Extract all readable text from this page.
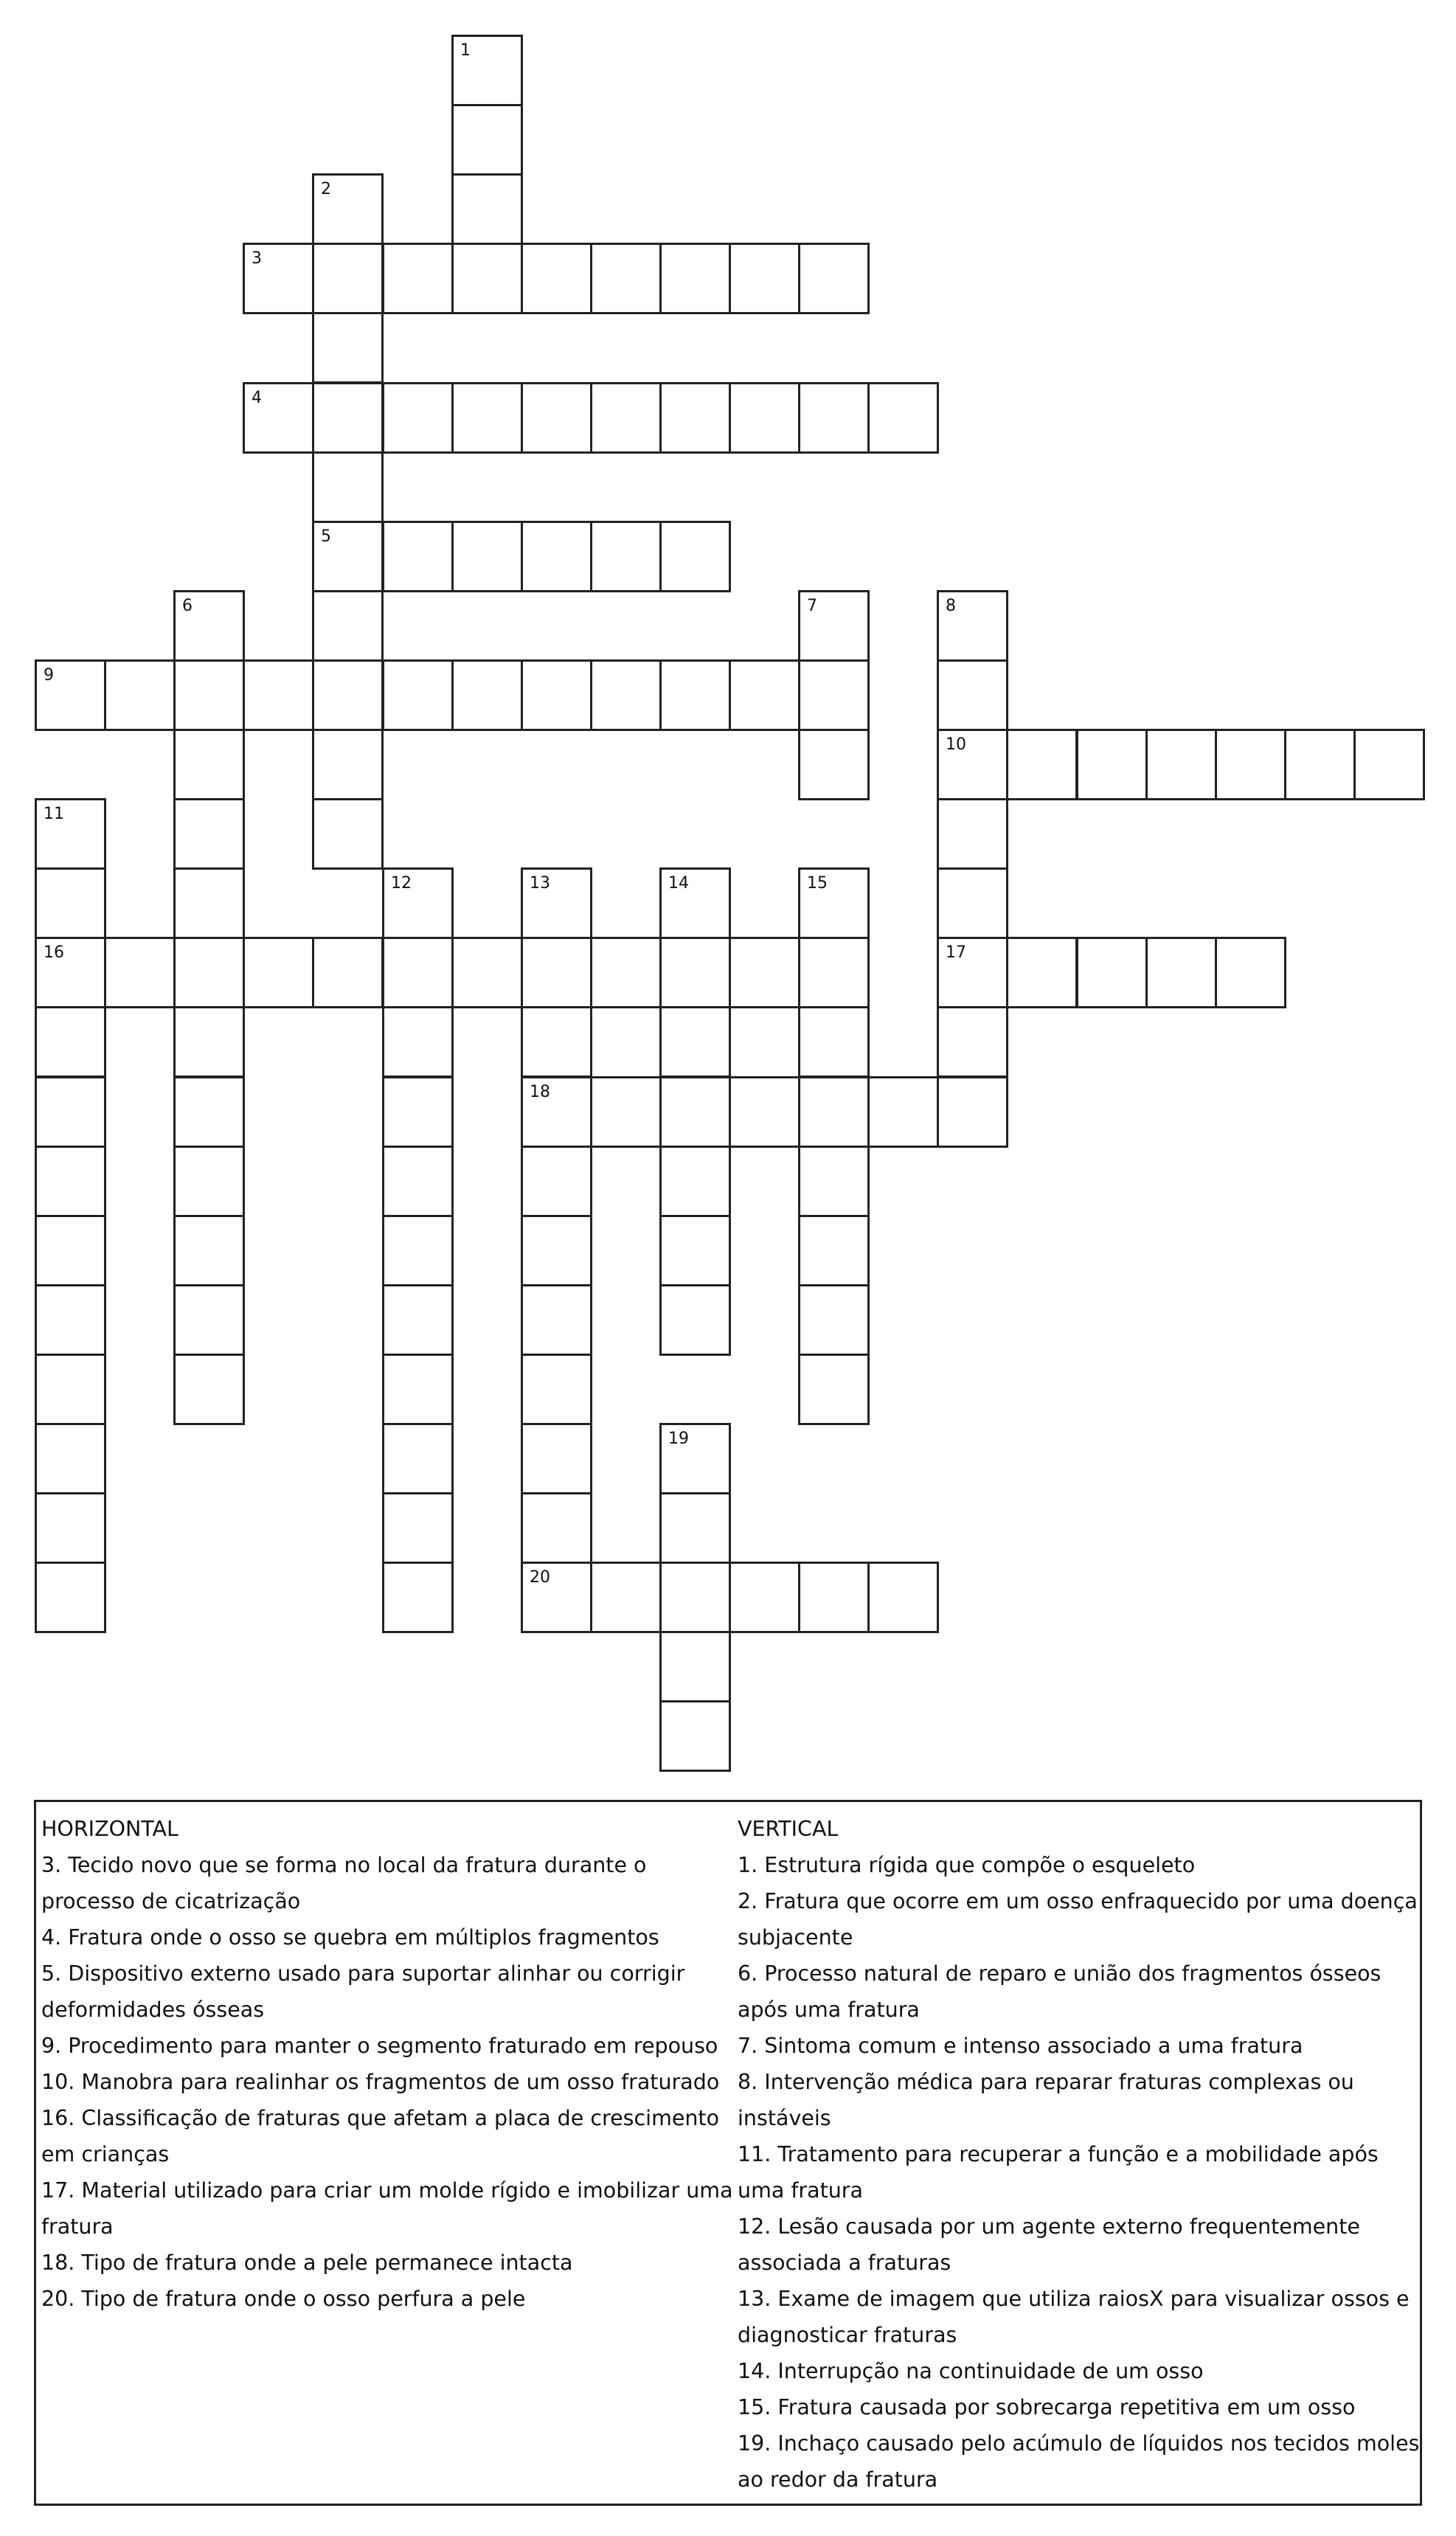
1
2
5
3
4
6	7	8
10
17
9
11
16
12	13
18
20
14	15
19

HORIZONTAL

3. Tecido novo que se forma no local da fratura durante o processo de cicatrização
4. Fratura onde o osso se quebra em múltiplos fragmentos
5. Dispositivo externo usado para suportar alinhar ou corrigir deformidades ósseas
9. Procedimento para manter o segmento fraturado em repouso
10. Manobra para realinhar os fragmentos de um osso fraturado
16. Classificação de fraturas que afetam a placa de crescimento em crianças
17. Material utilizado para criar um molde rígido e imobilizar uma fratura
18. Tipo de fratura onde a pele permanece intacta
20. Tipo de fratura onde o osso perfura a pele

VERTICAL

1. Estrutura rígida que compõe o esqueleto
2. Fratura que ocorre em um osso enfraquecido por uma doença subjacente
6. Processo natural de reparo e união dos fragmentos ósseos após uma fratura
7. Sintoma comum e intenso associado a uma fratura
8. Intervenção médica para reparar fraturas complexas ou instáveis
11. Tratamento para recuperar a função e a mobilidade após uma fratura
12. Lesão causada por um agente externo frequentemente associada a fraturas
13. Exame de imagem que utiliza raiosX para visualizar ossos e diagnosticar fraturas
14. Interrupção na continuidade de um osso
15. Fratura causada por sobrecarga repetitiva em um osso
19. Inchaço causado pelo acúmulo de líquidos nos tecidos moles ao redor da fratura
